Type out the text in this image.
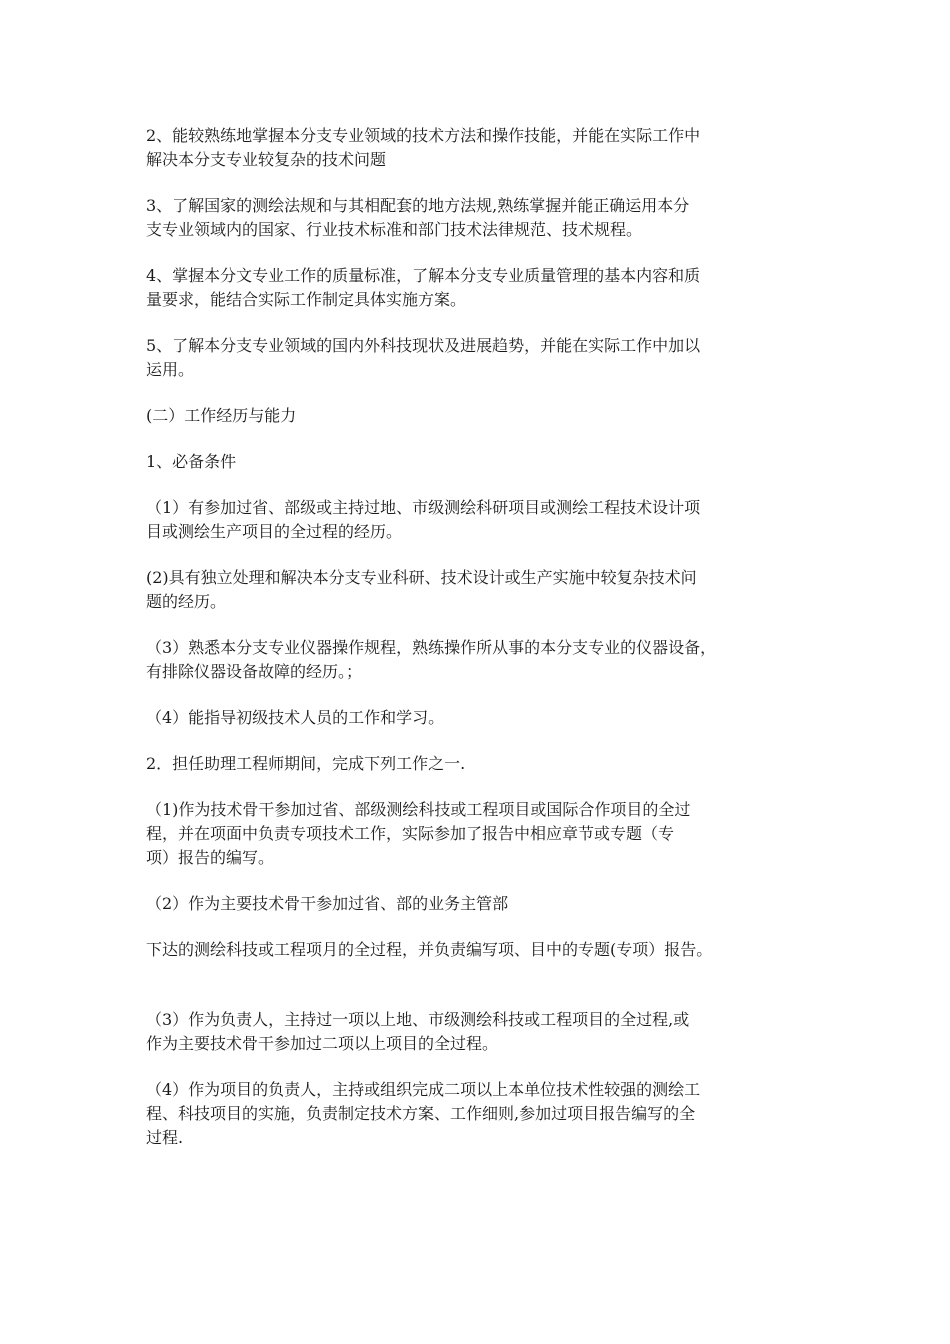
2、能较熟练地掌握本分支专业领域的技术方法和操作技能，并能在实际工作中
解决本分支专业较复杂的技术问题

3、了解国家的测绘法规和与其相配套的地方法规,熟练掌握并能正确运用本分
支专业领域内的国家、行业技术标准和部门技术法律规范、技术规程。

4、掌握本分文专业工作的质量标准，了解本分支专业质量管理的基本内容和质
量要求，能结合实际工作制定具体实施方案。

5、了解本分支专业领域的国内外科技现状及进展趋势，并能在实际工作中加以
运用。

(二）工作经历与能力

1、必备条件

（1）有参加过省、部级或主持过地、市级测绘科研项目或测绘工程技术设计项
目或测绘生产项目的全过程的经历。

(2)具有独立处理和解决本分支专业科研、技术设计或生产实施中较复杂技术问
题的经历。

（3）熟悉本分支专业仪器操作规程，熟练操作所从事的本分支专业的仪器设备，
有排除仪器设备故障的经历。；

（4）能指导初级技术人员的工作和学习。

2．担任助理工程师期间，完成下列工作之一.

（1)作为技术骨干参加过省、部级测绘科技或工程项目或国际合作项目的全过
程，并在项面中负责专项技术工作，实际参加了报告中相应章节或专题（专
项）报告的编写。

（2）作为主要技术骨干参加过省、部的业务主管部

下达的测绘科技或工程项月的全过程，并负责编写项、目中的专题(专项）报告。

（3）作为负责人，主持过一项以上地、市级测绘科技或工程项目的全过程,或
作为主要技术骨干参加过二项以上项目的全过程。

（4）作为项目的负责人，主持或组织完成二项以上本单位技术性较强的测绘工
程、科技项目的实施，负责制定技术方案、工作细则,参加过项目报告编写的全
过程.
